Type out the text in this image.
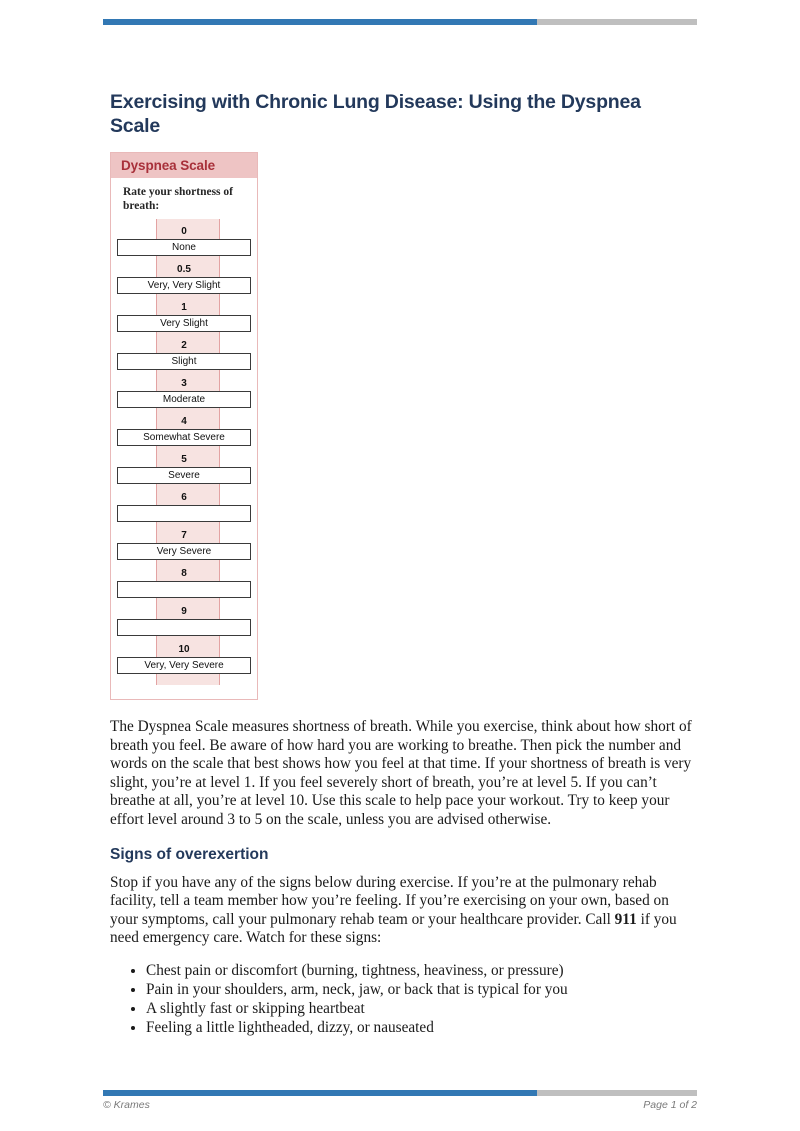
Exercising with Chronic Lung Disease: Using the Dyspnea Scale
Dyspnea Scale
Rate your shortness of breath:
0
None
0.5
Very, Very Slight
1
Very Slight
2
Slight
3
Moderate
4
Somewhat Severe
5
Severe
6
7
Very Severe
8
9
10
Very, Very Severe

The Dyspnea Scale measures shortness of breath. While you exercise, think about how short of breath you feel. Be aware of how hard you are working to breathe. Then pick the number and words on the scale that best shows how you feel at that time. If your shortness of breath is very slight, you’re at level 1. If you feel severely short of breath, you’re at level 5. If you can’t breathe at all, you’re at level 10. Use this scale to help pace your workout. Try to keep your effort level around 3 to 5 on the scale, unless you are advised otherwise.

Signs of overexertion

Stop if you have any of the signs below during exercise. If you’re at the pulmonary rehab facility, tell a team member how you’re feeling. If you’re exercising on your own, based on your symptoms, call your pulmonary rehab team or your healthcare provider. Call 911 if you need emergency care. Watch for these signs:

• Chest pain or discomfort (burning, tightness, heaviness, or pressure)
• Pain in your shoulders, arm, neck, jaw, or back that is typical for you
• A slightly fast or skipping heartbeat
• Feeling a little lightheaded, dizzy, or nauseated
© Krames	Page 1 of 2
